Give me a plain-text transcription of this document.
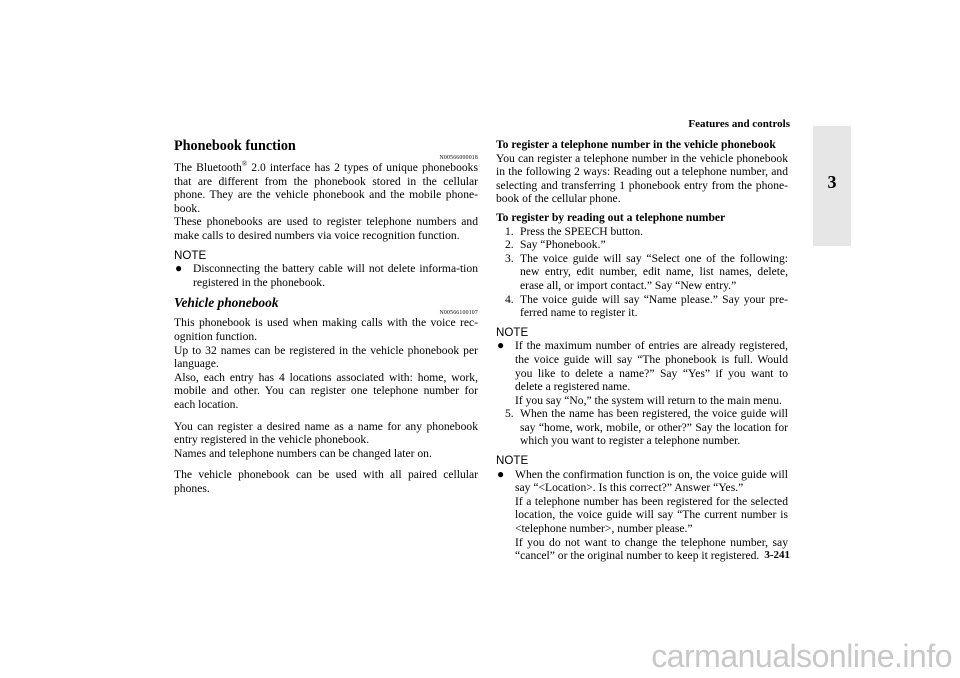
Features and controls
3

Phonebook function

N00566000018

The Bluetooth® 2.0 interface has 2 types of unique phonebooks that are different from the phonebook stored in the cellular phone. They are the vehicle phonebook and the mobile phone-book.

These phonebooks are used to register telephone numbers and make calls to desired numbers via voice recognition function.

NOTE

● Disconnecting the battery cable will not delete informa-tion registered in the phonebook.

Vehicle phonebook

N00566100107

This phonebook is used when making calls with the voice rec-ognition function.

Up to 32 names can be registered in the vehicle phonebook per language.

Also, each entry has 4 locations associated with: home, work, mobile and other. You can register one telephone number for each location.

You can register a desired name as a name for any phonebook entry registered in the vehicle phonebook.

Names and telephone numbers can be changed later on.

The vehicle phonebook can be used with all paired cellular phones.

To register a telephone number in the vehicle phonebook

You can register a telephone number in the vehicle phonebook in the following 2 ways: Reading out a telephone number, and selecting and transferring 1 phonebook entry from the phone-book of the cellular phone.

To register by reading out a telephone number

1. Press the SPEECH button.

2. Say “Phonebook.”

3. The voice guide will say “Select one of the following: new entry, edit number, edit name, list names, delete, erase all, or import contact.” Say “New entry.”

4. The voice guide will say “Name please.” Say your pre-ferred name to register it.

NOTE

● If the maximum number of entries are already registered, the voice guide will say “The phonebook is full. Would you like to delete a name?” Say “Yes” if you want to delete a registered name.

If you say “No,” the system will return to the main menu.

5. When the name has been registered, the voice guide will say “home, work, mobile, or other?” Say the location for which you want to register a telephone number.

NOTE

● When the confirmation function is on, the voice guide will say “<Location>. Is this correct?” Answer “Yes.”

If a telephone number has been registered for the selected location, the voice guide will say “The current number is <telephone number>, number please.”

If you do not want to change the telephone number, say “cancel” or the original number to keep it registered. 3-241
carmanualsonline.info
